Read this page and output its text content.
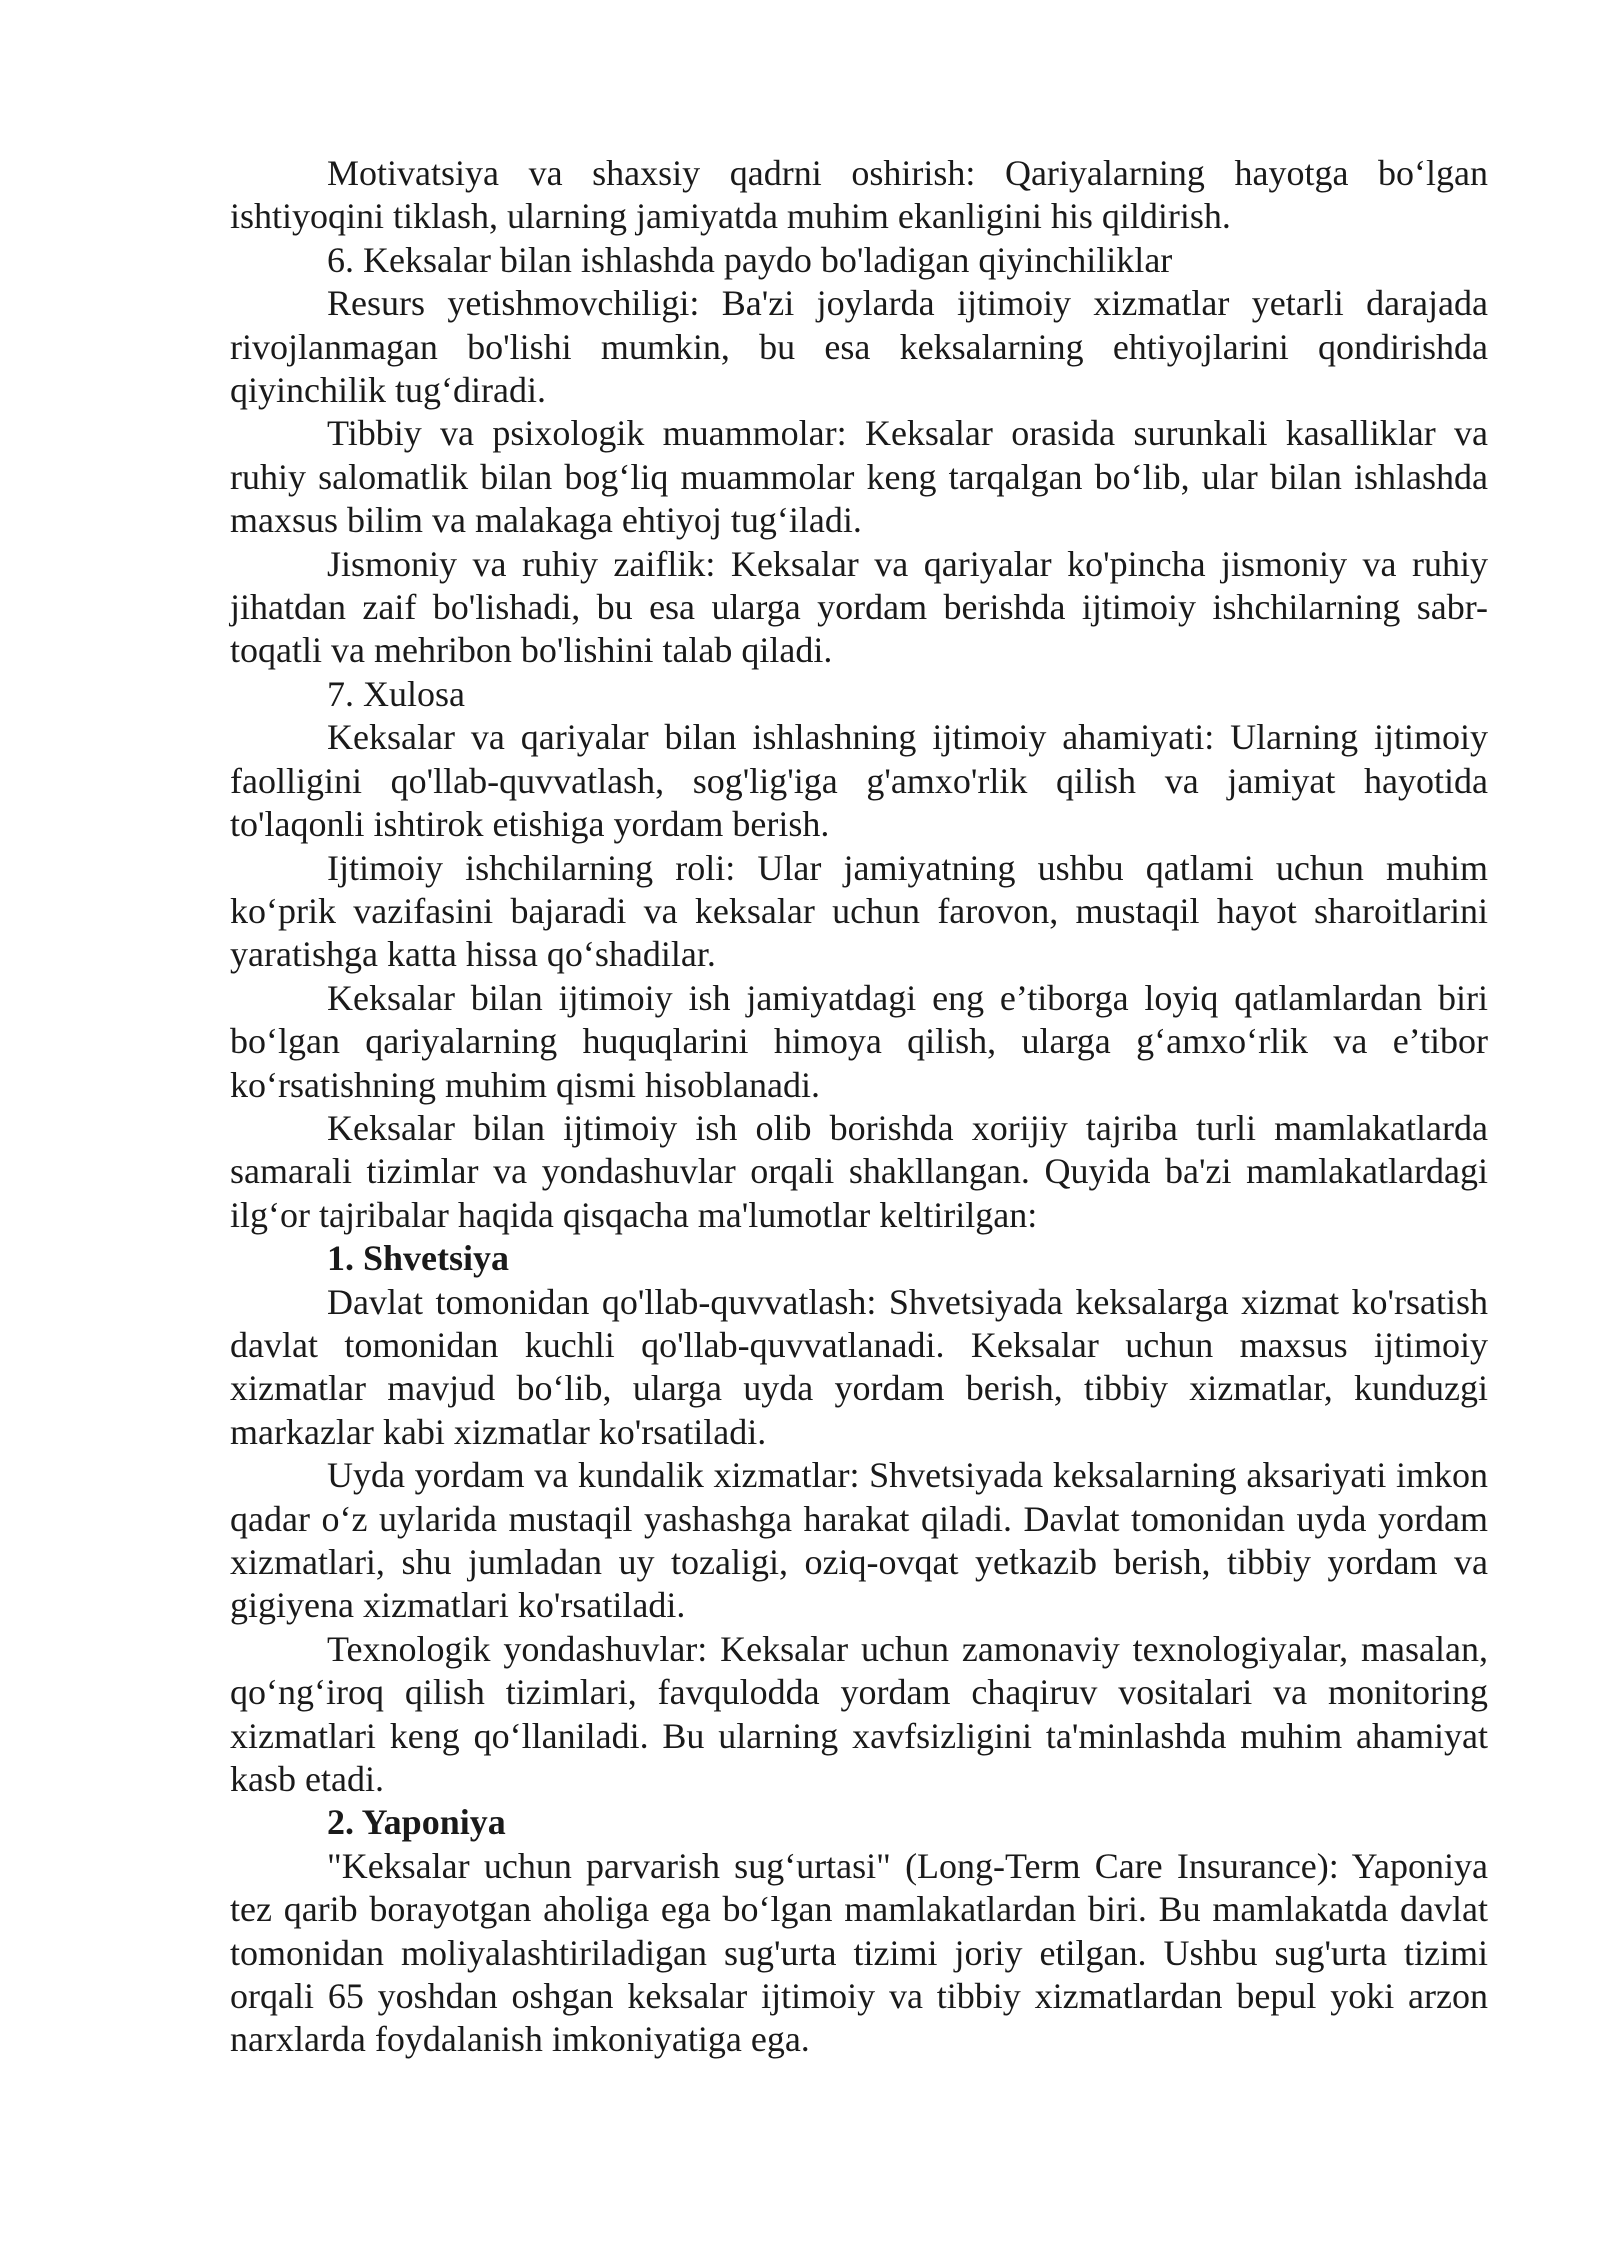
Motivatsiya va shaxsiy qadrni oshirish: Qariyalarning hayotga bo‘lgan ishtiyoqini tiklash, ularning jamiyatda muhim ekanligini his qildirish.

6. Keksalar bilan ishlashda paydo bo'ladigan qiyinchiliklar

Resurs yetishmovchiligi: Ba'zi joylarda ijtimoiy xizmatlar yetarli darajada rivojlanmagan bo'lishi mumkin, bu esa keksalarning ehtiyojlarini qondirishda qiyinchilik tug‘diradi.

Tibbiy va psixologik muammolar: Keksalar orasida surunkali kasalliklar va ruhiy salomatlik bilan bog‘liq muammolar keng tarqalgan bo‘lib, ular bilan ishlashda maxsus bilim va malakaga ehtiyoj tug‘iladi.

Jismoniy va ruhiy zaiflik: Keksalar va qariyalar ko'pincha jismoniy va ruhiy jihatdan zaif bo'lishadi, bu esa ularga yordam berishda ijtimoiy ishchilarning sabr-toqatli va mehribon bo'lishini talab qiladi.

7. Xulosa

Keksalar va qariyalar bilan ishlashning ijtimoiy ahamiyati: Ularning ijtimoiy faolligini qo'llab-quvvatlash, sog'lig'iga g'amxo'rlik qilish va jamiyat hayotida to'laqonli ishtirok etishiga yordam berish.

Ijtimoiy ishchilarning roli: Ular jamiyatning ushbu qatlami uchun muhim ko‘prik vazifasini bajaradi va keksalar uchun farovon, mustaqil hayot sharoitlarini yaratishga katta hissa qo‘shadilar.

Keksalar bilan ijtimoiy ish jamiyatdagi eng e’tiborga loyiq qatlamlardan biri bo‘lgan qariyalarning huquqlarini himoya qilish, ularga g‘amxo‘rlik va e’tibor ko‘rsatishning muhim qismi hisoblanadi.

Keksalar bilan ijtimoiy ish olib borishda xorijiy tajriba turli mamlakatlarda samarali tizimlar va yondashuvlar orqali shakllangan. Quyida ba'zi mamlakatlardagi ilg‘or tajribalar haqida qisqacha ma'lumotlar keltirilgan:

1. Shvetsiya

Davlat tomonidan qo'llab-quvvatlash: Shvetsiyada keksalarga xizmat ko'rsatish davlat tomonidan kuchli qo'llab-quvvatlanadi. Keksalar uchun maxsus ijtimoiy xizmatlar mavjud bo‘lib, ularga uyda yordam berish, tibbiy xizmatlar, kunduzgi markazlar kabi xizmatlar ko'rsatiladi.

Uyda yordam va kundalik xizmatlar: Shvetsiyada keksalarning aksariyati imkon qadar o‘z uylarida mustaqil yashashga harakat qiladi. Davlat tomonidan uyda yordam xizmatlari, shu jumladan uy tozaligi, oziq-ovqat yetkazib berish, tibbiy yordam va gigiyena xizmatlari ko'rsatiladi.

Texnologik yondashuvlar: Keksalar uchun zamonaviy texnologiyalar, masalan, qo‘ng‘iroq qilish tizimlari, favqulodda yordam chaqiruv vositalari va monitoring xizmatlari keng qo‘llaniladi. Bu ularning xavfsizligini ta'minlashda muhim ahamiyat kasb etadi.

2. Yaponiya

"Keksalar uchun parvarish sug‘urtasi" (Long-Term Care Insurance): Yaponiya tez qarib borayotgan aholiga ega bo‘lgan mamlakatlardan biri. Bu mamlakatda davlat tomonidan moliyalashtiriladigan sug'urta tizimi joriy etilgan. Ushbu sug'urta tizimi orqali 65 yoshdan oshgan keksalar ijtimoiy va tibbiy xizmatlardan bepul yoki arzon narxlarda foydalanish imkoniyatiga ega.
